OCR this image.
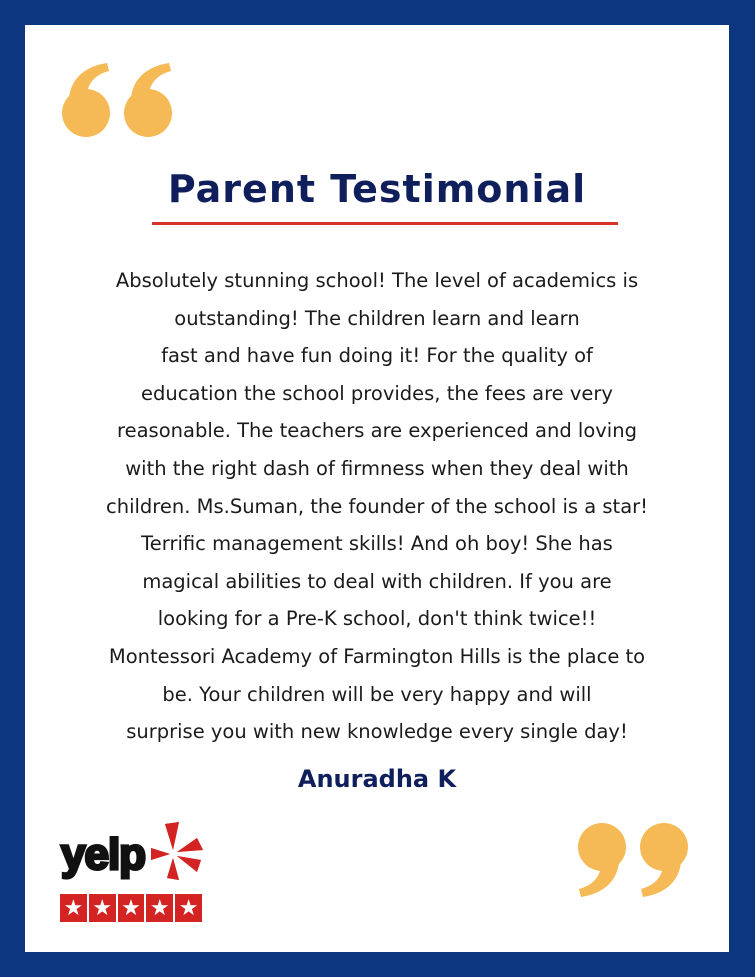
Parent Testimonial

Absolutely stunning school! The level of academics is
outstanding! The children learn and learn
fast and have fun doing it! For the quality of
education the school provides, the fees are very
reasonable. The teachers are experienced and loving
with the right dash of firmness when they deal with
children. Ms.Suman, the founder of the school is a star!
Terrific management skills! And oh boy! She has
magical abilities to deal with children. If you are
looking for a Pre-K school, don't think twice!!
Montessori Academy of Farmington Hills is the place to
be. Your children will be very happy and will
surprise you with new knowledge every single day!

Anuradha K
yelp
★ ★ ★ ★ ★
